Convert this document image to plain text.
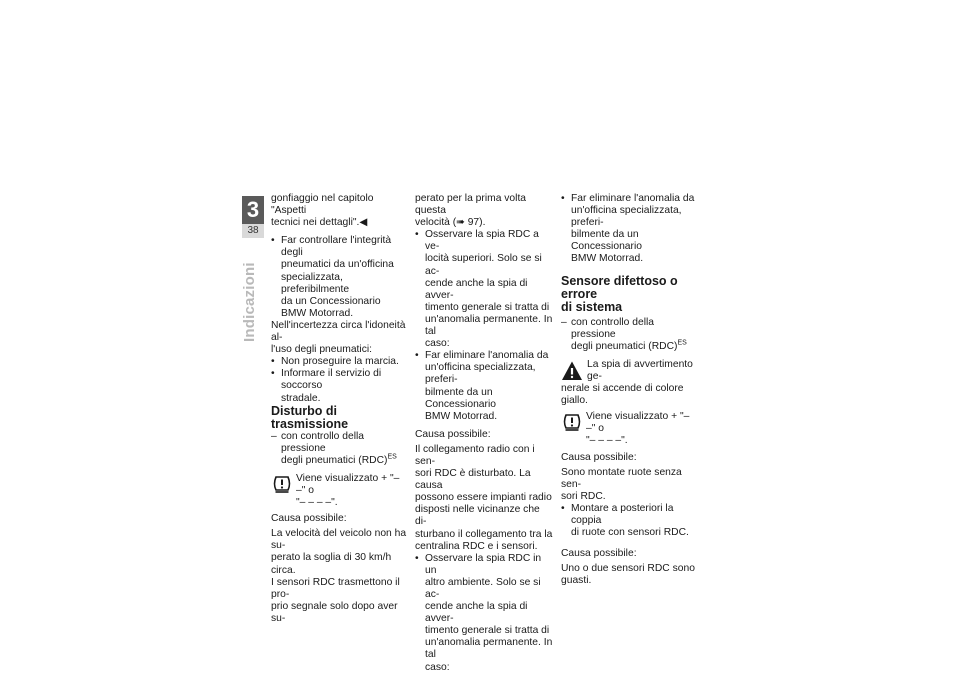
3
38
Indicazioni

gonfiaggio nel capitolo "Aspetti

tecnici nei dettagli".◀

• Far controllare l'integrità degli

pneumatici da un'officina

specializzata, preferibilmente

da un Concessionario

BMW Motorrad.

Nell'incertezza circa l'idoneità al-

l'uso degli pneumatici:

• Non proseguire la marcia.

• Informare il servizio di soccorso

stradale.

Disturbo di trasmissione

– con controllo della pressione

degli pneumatici (RDC)$^{ES}$

Viene visualizzato + "– –" o

"– – – –".

Causa possibile:

La velocità del veicolo non ha su-

perato la soglia di 30 km/h circa.

I sensori RDC trasmettono il pro-

prio segnale solo dopo aver su-

perato per la prima volta questa

velocità (➠ 97).

• Osservare la spia RDC a ve-

locità superiori. Solo se si ac-

cende anche la spia di avver-

timento generale si tratta di

un'anomalia permanente. In tal

caso:

• Far eliminare l'anomalia da

un'officina specializzata, preferi-

bilmente da un Concessionario

BMW Motorrad.

Causa possibile:

Il collegamento radio con i sen-

sori RDC è disturbato. La causa

possono essere impianti radio

disposti nelle vicinanze che di-

sturbano il collegamento tra la

centralina RDC e i sensori.

• Osservare la spia RDC in un

altro ambiente. Solo se si ac-

cende anche la spia di avver-

timento generale si tratta di

un'anomalia permanente. In tal

caso:

• Far eliminare l'anomalia da

un'officina specializzata, preferi-

bilmente da un Concessionario

BMW Motorrad.

Sensore difettoso o errore

di sistema

– con controllo della pressione

degli pneumatici (RDC)$^{ES}$

La spia di avvertimento ge-

nerale si accende di colore

giallo.

Viene visualizzato + "– –" o

"– – – –".

Causa possibile:

Sono montate ruote senza sen-

sori RDC.

• Montare a posteriori la coppia

di ruote con sensori RDC.

Causa possibile:

Uno o due sensori RDC sono

guasti.
